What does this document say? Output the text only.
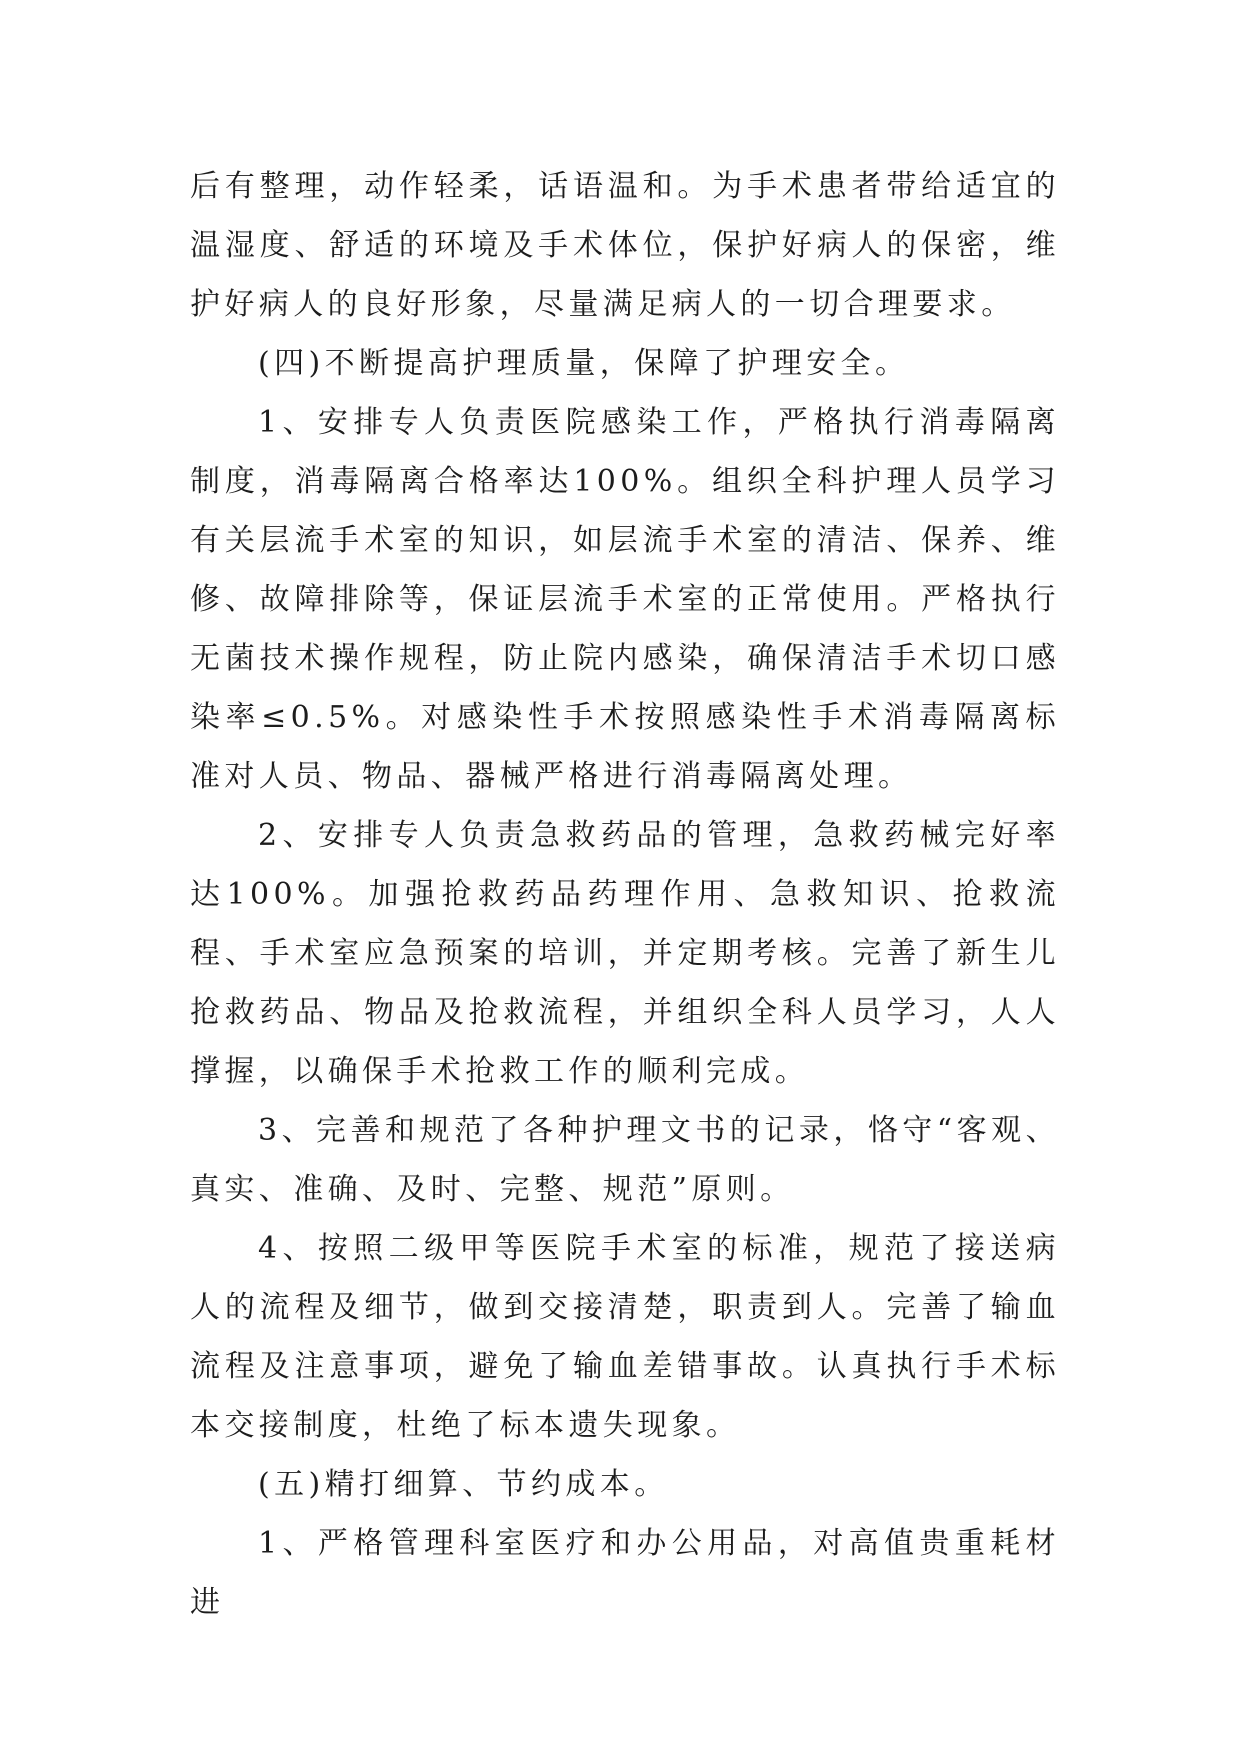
后有整理，动作轻柔，话语温和。为手术患者带给适宜的温湿度、舒适的环境及手术体位，保护好病人的保密，维护好病人的良好形象，尽量满足病人的一切合理要求。

(四)不断提高护理质量，保障了护理安全。

1、安排专人负责医院感染工作，严格执行消毒隔离制度，消毒隔离合格率达100%。组织全科护理人员学习有关层流手术室的知识，如层流手术室的清洁、保养、维修、故障排除等，保证层流手术室的正常使用。严格执行无菌技术操作规程，防止院内感染，确保清洁手术切口感染率≤0.5%。对感染性手术按照感染性手术消毒隔离标准对人员、物品、器械严格进行消毒隔离处理。

2、安排专人负责急救药品的管理，急救药械完好率达100%。加强抢救药品药理作用、急救知识、抢救流程、手术室应急预案的培训，并定期考核。完善了新生儿抢救药品、物品及抢救流程，并组织全科人员学习，人人撑握，以确保手术抢救工作的顺利完成。

3、完善和规范了各种护理文书的记录，恪守“客观、真实、准确、及时、完整、规范”原则。

4、按照二级甲等医院手术室的标准，规范了接送病人的流程及细节，做到交接清楚，职责到人。完善了输血流程及注意事项，避免了输血差错事故。认真执行手术标本交接制度，杜绝了标本遗失现象。

(五)精打细算、节约成本。

1、严格管理科室医疗和办公用品，对高值贵重耗材进
